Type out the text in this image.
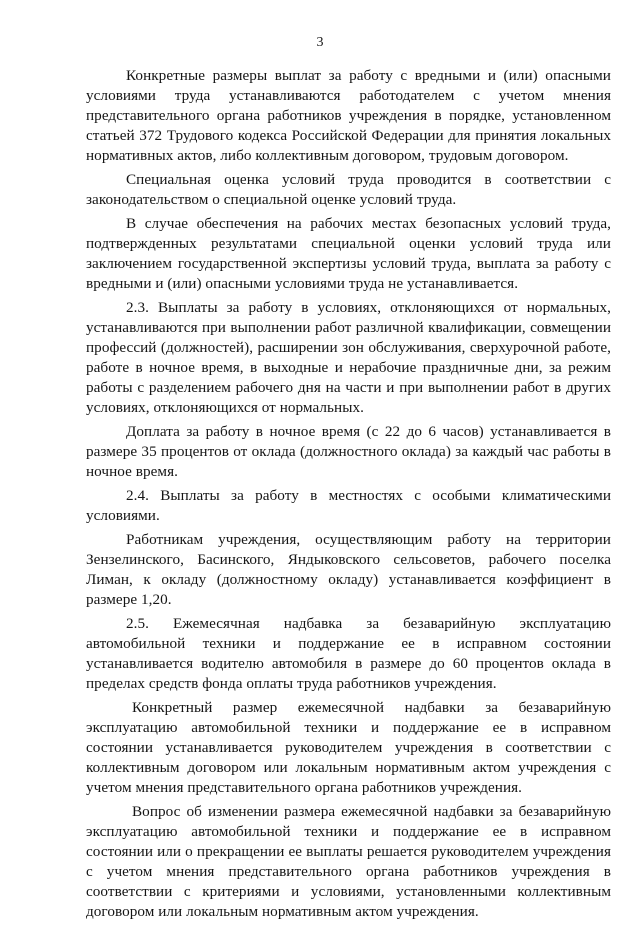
3

Конкретные размеры выплат за работу с вредными и (или) опасными условиями труда устанавливаются работодателем с учетом мнения представительного органа работников учреждения в порядке, установленном статьей 372 Трудового кодекса Российской Федерации для принятия локальных нормативных актов, либо коллективным договором, трудовым договором.

Специальная оценка условий труда проводится в соответствии с законодательством о специальной оценке условий труда.

В случае обеспечения на рабочих местах безопасных условий труда, подтвержденных результатами специальной оценки условий труда или заключением государственной экспертизы условий труда, выплата за работу с вредными и (или) опасными условиями труда не устанавливается.

2.3. Выплаты за работу в условиях, отклоняющихся от нормальных, устанавливаются при выполнении работ различной квалификации, совмещении профессий (должностей), расширении зон обслуживания, сверхурочной работе, работе в ночное время, в выходные и нерабочие праздничные дни, за режим работы с разделением рабочего дня на части и при выполнении работ в других условиях, отклоняющихся от нормальных.

Доплата за работу в ночное время (с 22 до 6 часов) устанавливается в размере 35 процентов от оклада (должностного оклада) за каждый час работы в ночное время.

2.4. Выплаты за работу в местностях с особыми климатическими условиями.

Работникам учреждения, осуществляющим работу на территории Зензелинского, Басинского, Яндыковского сельсоветов, рабочего поселка Лиман, к окладу (должностному окладу) устанавливается коэффициент в размере 1,20.

2.5. Ежемесячная надбавка за безаварийную эксплуатацию автомобильной техники и поддержание ее в исправном состоянии устанавливается водителю автомобиля в размере до 60 процентов оклада в пределах средств фонда оплаты труда работников учреждения.

Конкретный размер ежемесячной надбавки за безаварийную эксплуатацию автомобильной техники и поддержание ее в исправном состоянии устанавливается руководителем учреждения в соответствии с коллективным договором или локальным нормативным актом учреждения с учетом мнения представительного органа работников учреждения.

Вопрос об изменении размера ежемесячной надбавки за безаварийную эксплуатацию автомобильной техники и поддержание ее в исправном состоянии или о прекращении ее выплаты решается руководителем учреждения с учетом мнения представительного органа работников учреждения в соответствии с критериями и условиями, установленными коллективным договором или локальным нормативным актом учреждения.
